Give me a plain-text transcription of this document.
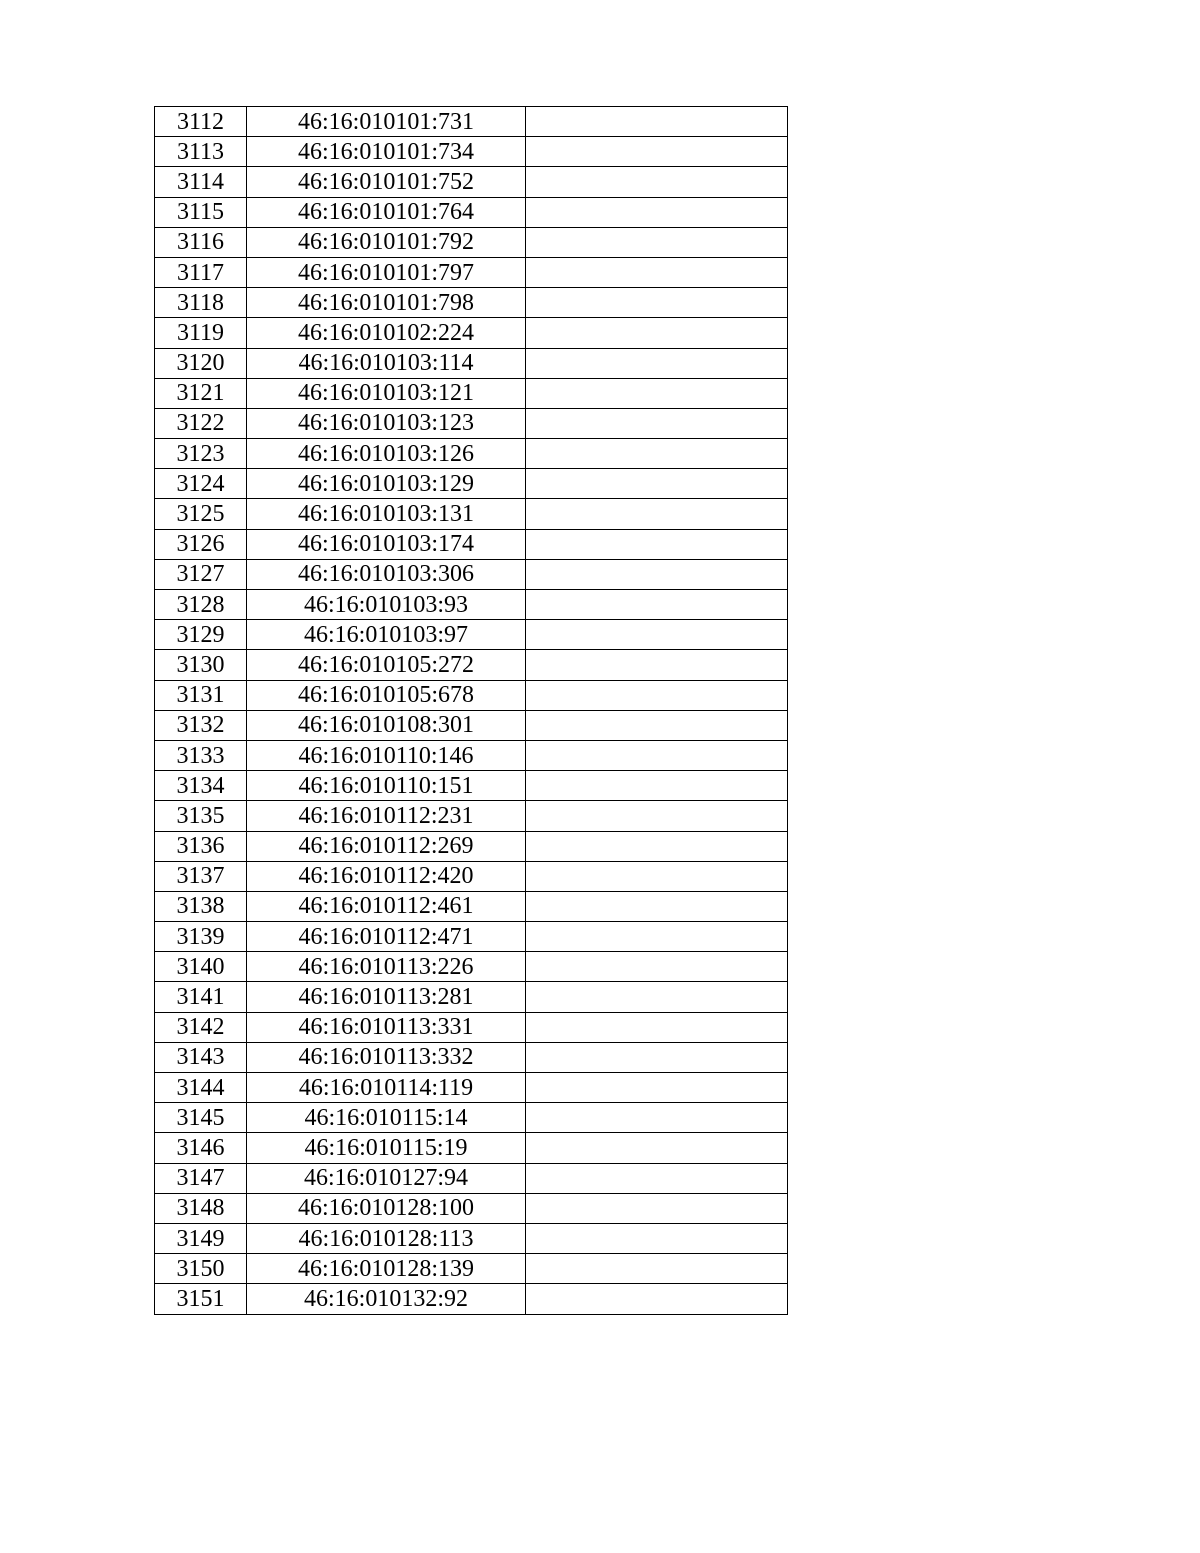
3112	46:16:010101:731	
3113	46:16:010101:734	
3114	46:16:010101:752	
3115	46:16:010101:764	
3116	46:16:010101:792	
3117	46:16:010101:797	
3118	46:16:010101:798	
3119	46:16:010102:224	
3120	46:16:010103:114	
3121	46:16:010103:121	
3122	46:16:010103:123	
3123	46:16:010103:126	
3124	46:16:010103:129	
3125	46:16:010103:131	
3126	46:16:010103:174	
3127	46:16:010103:306	
3128	46:16:010103:93	
3129	46:16:010103:97	
3130	46:16:010105:272	
3131	46:16:010105:678	
3132	46:16:010108:301	
3133	46:16:010110:146	
3134	46:16:010110:151	
3135	46:16:010112:231	
3136	46:16:010112:269	
3137	46:16:010112:420	
3138	46:16:010112:461	
3139	46:16:010112:471	
3140	46:16:010113:226	
3141	46:16:010113:281	
3142	46:16:010113:331	
3143	46:16:010113:332	
3144	46:16:010114:119	
3145	46:16:010115:14	
3146	46:16:010115:19	
3147	46:16:010127:94	
3148	46:16:010128:100	
3149	46:16:010128:113	
3150	46:16:010128:139	
3151	46:16:010132:92	
